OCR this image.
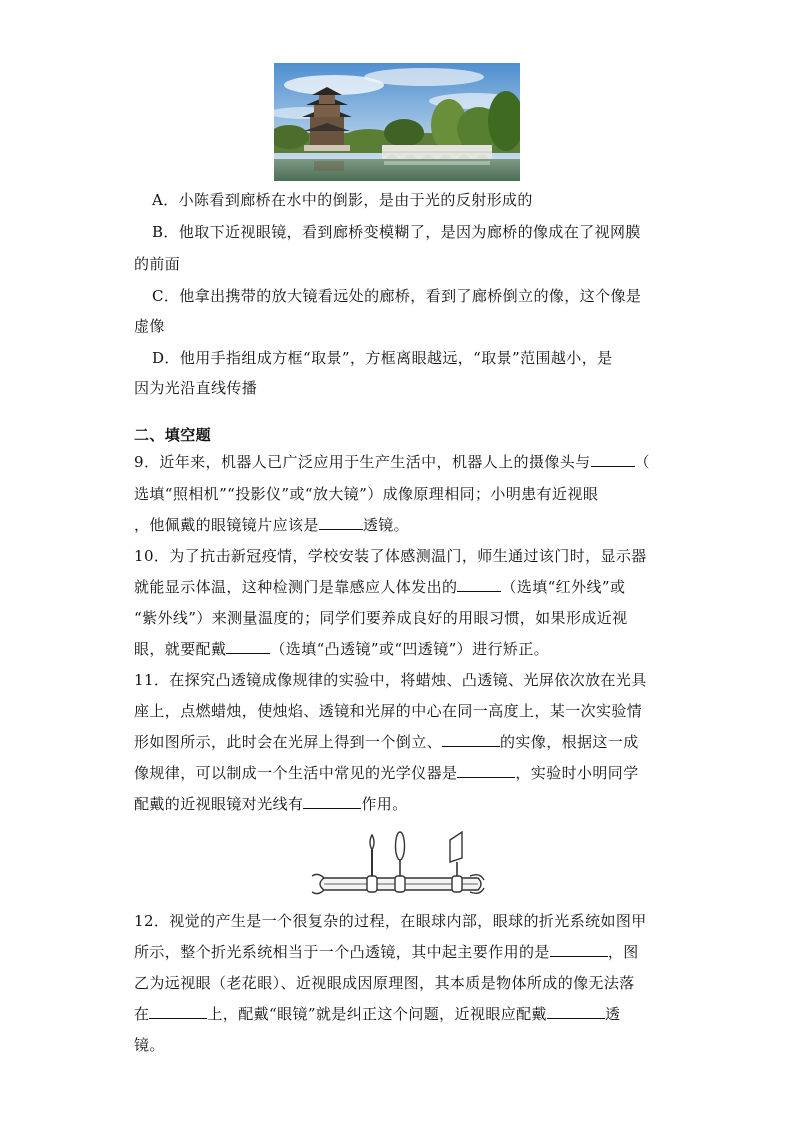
A．小陈看到廊桥在水中的倒影，是由于光的反射形成的
B．他取下近视眼镜，看到廊桥变模糊了，是因为廊桥的像成在了视网膜
的前面
C．他拿出携带的放大镜看远处的廊桥，看到了廊桥倒立的像，这个像是
虚像
D．他用手指组成方框“取景”，方框离眼越远，“取景”范围越小，是
因为光沿直线传播
二、填空题
9．近年来，机器人已广泛应用于生产生活中，机器人上的摄像头与	（
选填“照相机”“投影仪”或“放大镜”）成像原理相同；小明患有近视眼
，他佩戴的眼镜镜片应该是	透镜。
10．为了抗击新冠疫情，学校安装了体感测温门，师生通过该门时，显示器
就能显示体温，这种检测门是靠感应人体发出的	（选填“红外线”或
“紫外线”）来测量温度的；同学们要养成良好的用眼习惯，如果形成近视
眼，就要配戴	（选填“凸透镜”或“凹透镜”）进行矫正。
11．在探究凸透镜成像规律的实验中，将蜡烛、凸透镜、光屏依次放在光具
座上，点燃蜡烛，使烛焰、透镜和光屏的中心在同一高度上，某一次实验情
形如图所示，此时会在光屏上得到一个倒立、	的实像，根据这一成
像规律，可以制成一个生活中常见的光学仪器是	，实验时小明同学
配戴的近视眼镜对光线有	作用。
12．视觉的产生是一个很复杂的过程，在眼球内部，眼球的折光系统如图甲
所示，整个折光系统相当于一个凸透镜，其中起主要作用的是	，图
乙为远视眼（老花眼）、近视眼成因原理图，其本质是物体所成的像无法落
在	上，配戴“眼镜”就是纠正这个问题，近视眼应配戴	透
镜。
